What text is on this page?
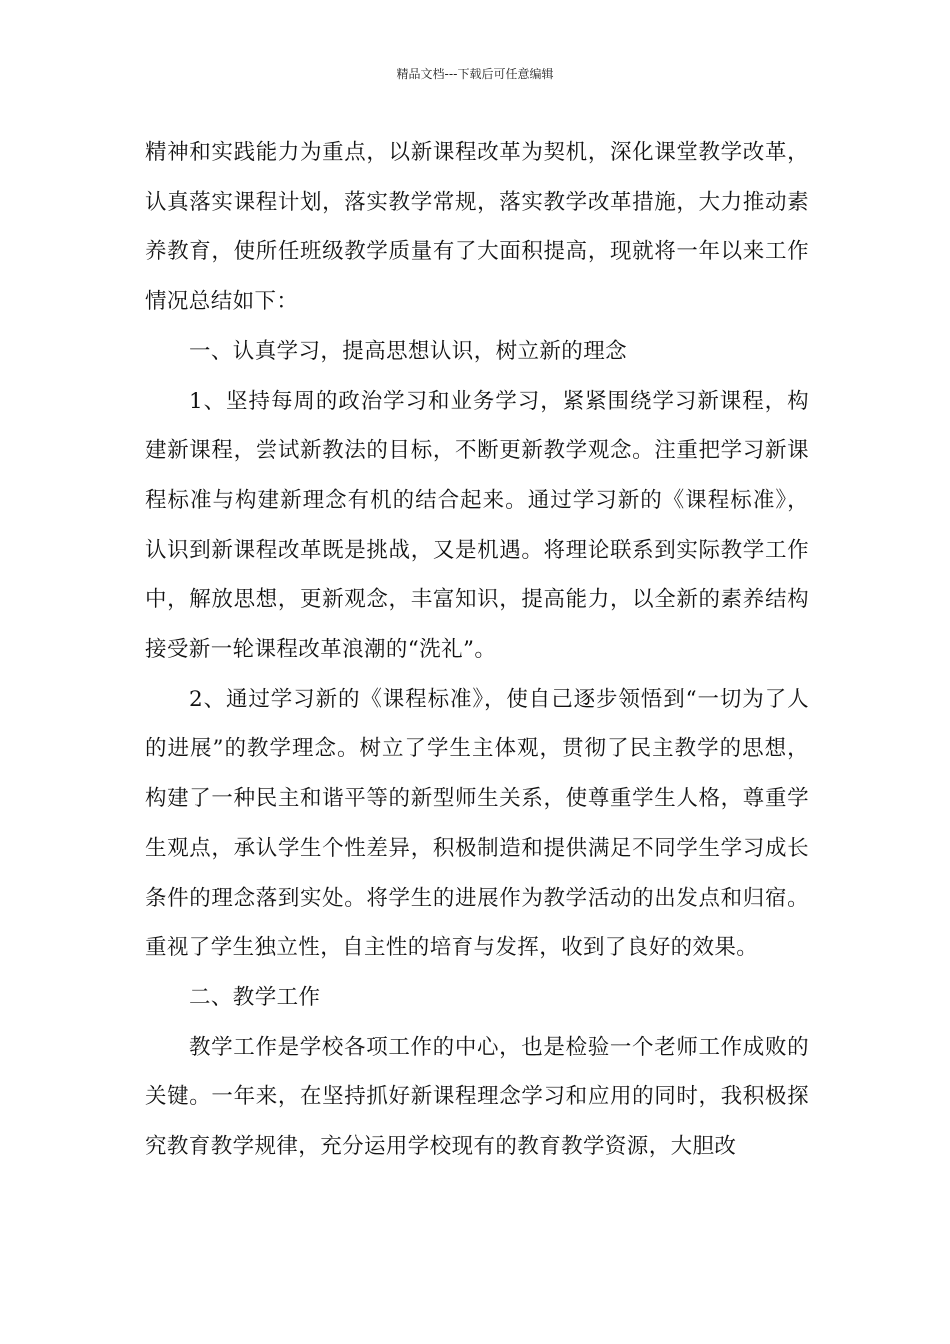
精品文档---下载后可任意编辑

精神和实践能力为重点，以新课程改革为契机，深化课堂教学改革，认真落实课程计划，落实教学常规，落实教学改革措施，大力推动素养教育，使所任班级教学质量有了大面积提高，现就将一年以来工作情况总结如下：

一、认真学习，提高思想认识，树立新的理念

1、坚持每周的政治学习和业务学习，紧紧围绕学习新课程，构建新课程，尝试新教法的目标，不断更新教学观念。注重把学习新课程标准与构建新理念有机的结合起来。通过学习新的《课程标准》，认识到新课程改革既是挑战，又是机遇。将理论联系到实际教学工作中，解放思想，更新观念，丰富知识，提高能力，以全新的素养结构接受新一轮课程改革浪潮的“洗礼”。

2、通过学习新的《课程标准》，使自己逐步领悟到“一切为了人的进展”的教学理念。树立了学生主体观，贯彻了民主教学的思想，构建了一种民主和谐平等的新型师生关系，使尊重学生人格，尊重学生观点，承认学生个性差异，积极制造和提供满足不同学生学习成长条件的理念落到实处。将学生的进展作为教学活动的出发点和归宿。重视了学生独立性，自主性的培育与发挥，收到了良好的效果。

二、教学工作

教学工作是学校各项工作的中心，也是检验一个老师工作成败的关键。一年来，在坚持抓好新课程理念学习和应用的同时，我积极探究教育教学规律，充分运用学校现有的教育教学资源，大胆改
